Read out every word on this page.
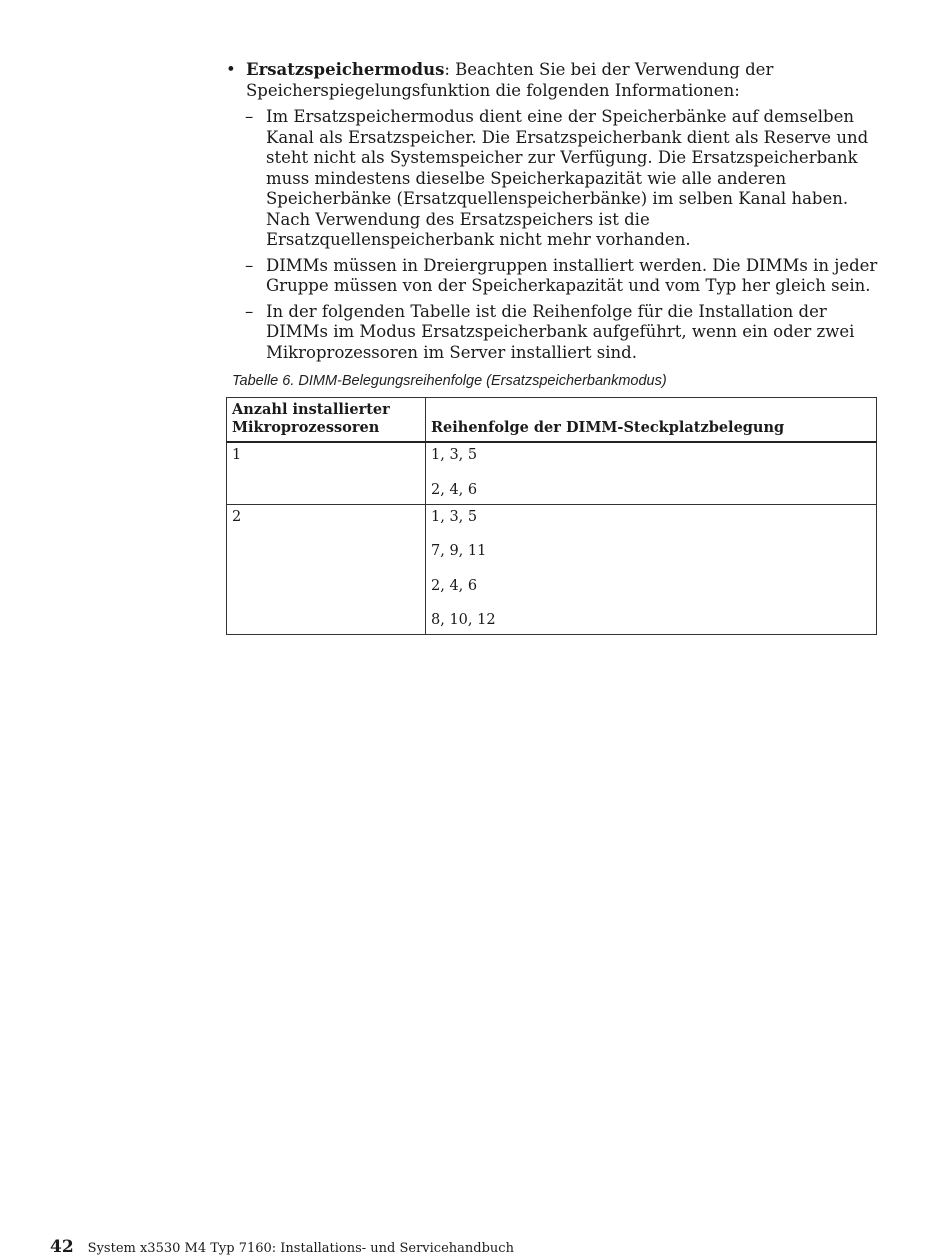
• Ersatzspeichermodus: Beachten Sie bei der Verwendung der Speicherspiegelungsfunktion die folgenden Informationen:
– Im Ersatzspeichermodus dient eine der Speicherbänke auf demselben Kanal als Ersatzspeicher. Die Ersatzspeicherbank dient als Reserve und steht nicht als Systemspeicher zur Verfügung. Die Ersatzspeicherbank muss mindestens dieselbe Speicherkapazität wie alle anderen Speicherbänke (Ersatzquellenspeicherbänke) im selben Kanal haben. Nach Verwendung des Ersatzspeichers ist die Ersatzquellenspeicherbank nicht mehr vorhanden.
– DIMMs müssen in Dreiergruppen installiert werden. Die DIMMs in jeder Gruppe müssen von der Speicherkapazität und vom Typ her gleich sein.
– In der folgenden Tabelle ist die Reihenfolge für die Installation der DIMMs im Modus Ersatzspeicherbank aufgeführt, wenn ein oder zwei Mikroprozessoren im Server installiert sind.
Tabelle 6. DIMM-Belegungsreihenfolge (Ersatzspeicherbankmodus)
Anzahl installierter Mikroprozessoren	Reihenfolge der DIMM-Steckplatzbelegung
1	1, 3, 5
2, 4, 6

2	1, 3, 5
7, 9, 11
2, 4, 6
8, 10, 12
42 System x3530 M4 Typ 7160: Installations- und Servicehandbuch
